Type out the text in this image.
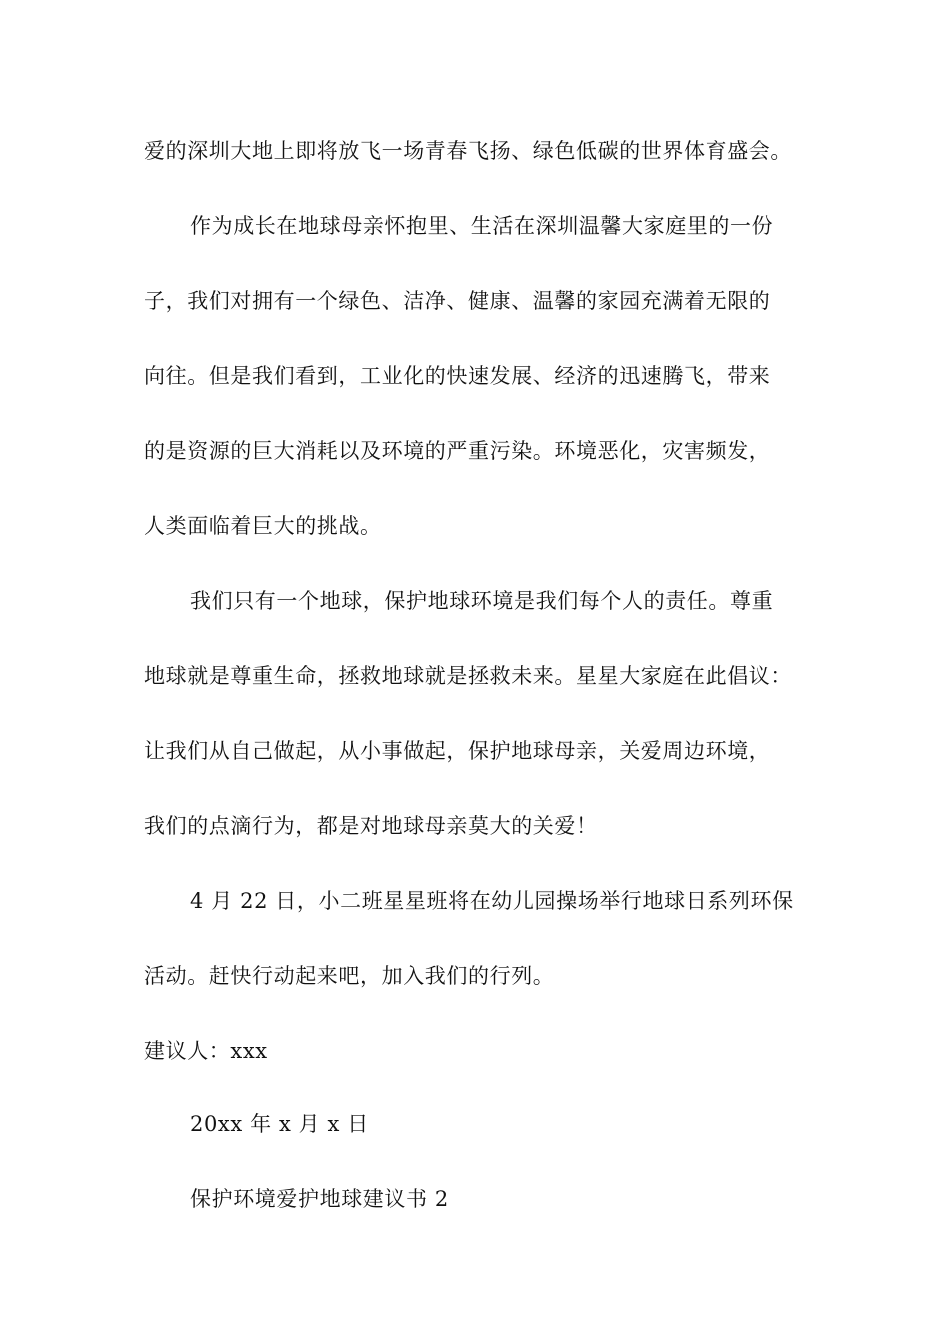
爱的深圳大地上即将放飞一场青春飞扬、绿色低碳的世界体育盛会。
作为成长在地球母亲怀抱里、生活在深圳温馨大家庭里的一份
子，我们对拥有一个绿色、洁净、健康、温馨的家园充满着无限的
向往。但是我们看到，工业化的快速发展、经济的迅速腾飞，带来
的是资源的巨大消耗以及环境的严重污染。环境恶化，灾害频发，
人类面临着巨大的挑战。
我们只有一个地球，保护地球环境是我们每个人的责任。尊重
地球就是尊重生命，拯救地球就是拯救未来。星星大家庭在此倡议：
让我们从自己做起，从小事做起，保护地球母亲，关爱周边环境，
我们的点滴行为，都是对地球母亲莫大的关爱！
4 月 22 日，小二班星星班将在幼儿园操场举行地球日系列环保
活动。赶快行动起来吧，加入我们的行列。
建议人：xxx
20xx 年 x 月 x 日
保护环境爱护地球建议书 2
